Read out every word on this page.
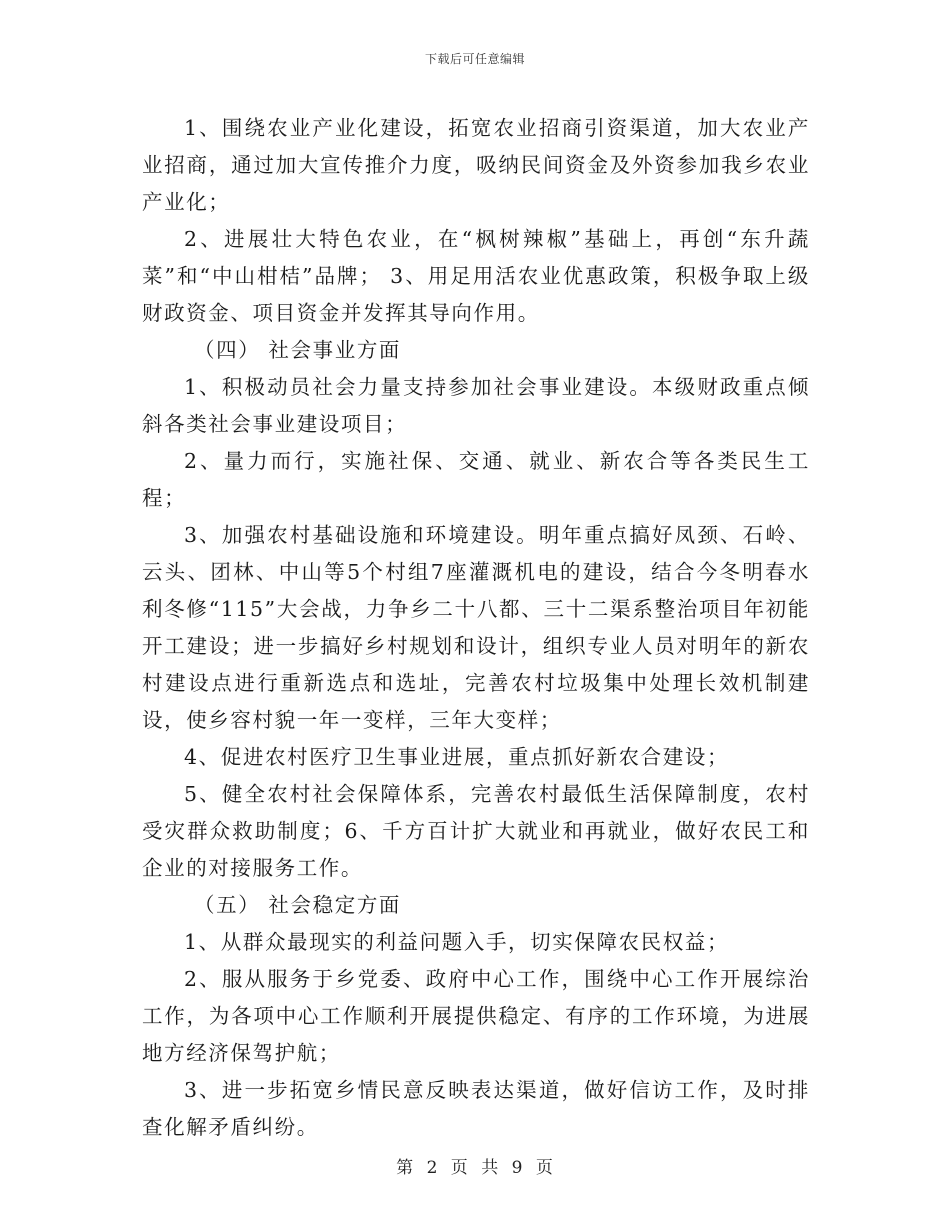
下载后可任意编辑

1、围绕农业产业化建设，拓宽农业招商引资渠道，加大农业产业招商，通过加大宣传推介力度，吸纳民间资金及外资参加我乡农业产业化；

2、进展壮大特色农业，在“枫树辣椒”基础上，再创“东升蔬菜”和“中山柑桔”品牌； 3、用足用活农业优惠政策，积极争取上级财政资金、项目资金并发挥其导向作用。

（四） 社会事业方面

1、积极动员社会力量支持参加社会事业建设。本级财政重点倾斜各类社会事业建设项目；

2、量力而行，实施社保、交通、就业、新农合等各类民生工程；

3、加强农村基础设施和环境建设。明年重点搞好凤颈、石岭、云头、团林、中山等5个村组7座灌溉机电的建设，结合今冬明春水利冬修“115”大会战，力争乡二十八都、三十二渠系整治项目年初能开工建设；进一步搞好乡村规划和设计，组织专业人员对明年的新农村建设点进行重新选点和选址，完善农村垃圾集中处理长效机制建设，使乡容村貌一年一变样，三年大变样；

4、促进农村医疗卫生事业进展，重点抓好新农合建设；

5、健全农村社会保障体系，完善农村最低生活保障制度，农村受灾群众救助制度；6、千方百计扩大就业和再就业，做好农民工和企业的对接服务工作。

（五） 社会稳定方面

1、从群众最现实的利益问题入手，切实保障农民权益；

2、服从服务于乡党委、政府中心工作，围绕中心工作开展综治工作，为各项中心工作顺利开展提供稳定、有序的工作环境，为进展地方经济保驾护航；

3、进一步拓宽乡情民意反映表达渠道，做好信访工作，及时排查化解矛盾纠纷。

第 2 页 共 9 页
